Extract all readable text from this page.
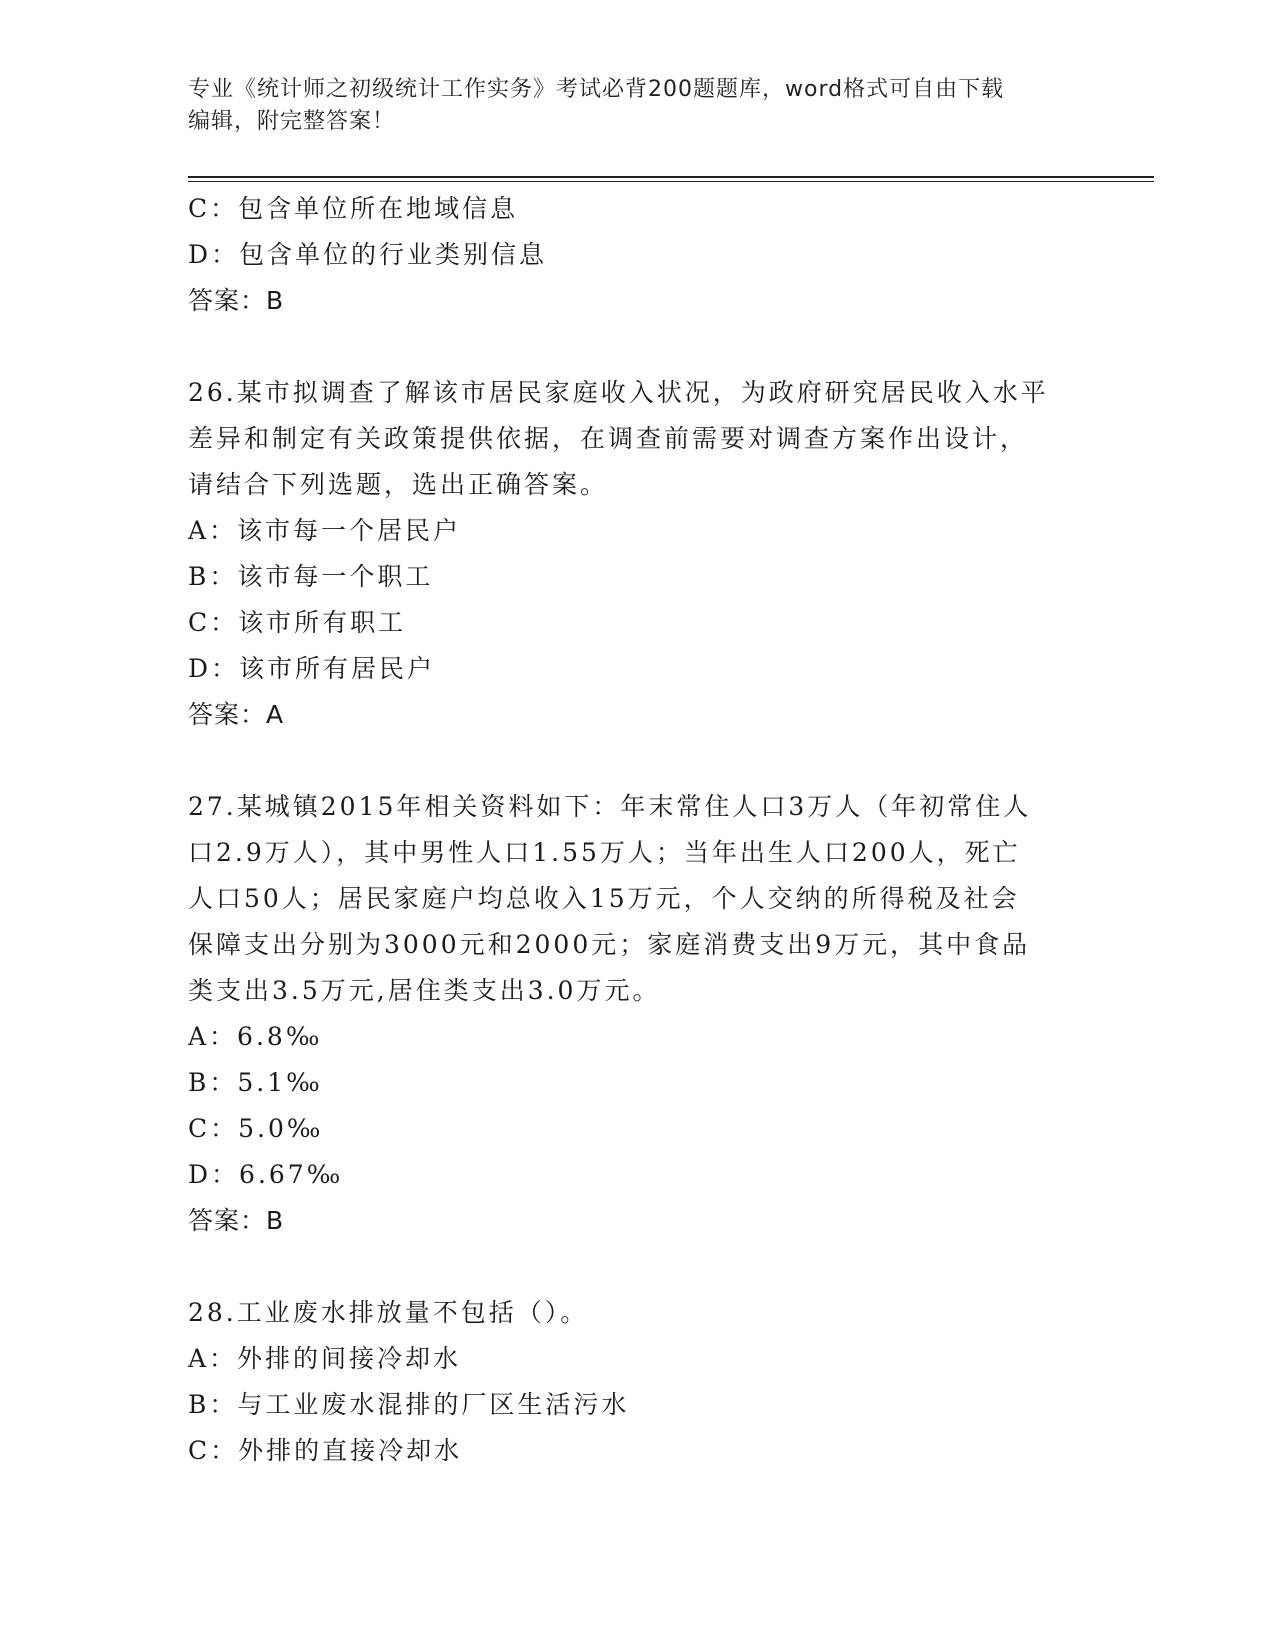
专业《统计师之初级统计工作实务》考试必背200题题库，word格式可自由下载
编辑，附完整答案！
C：包含单位所在地域信息
D：包含单位的行业类别信息
答案：B
26.某市拟调查了解该市居民家庭收入状况，为政府研究居民收入水平
差异和制定有关政策提供依据，在调查前需要对调查方案作出设计，
请结合下列选题，选出正确答案。
A：该市每一个居民户
B：该市每一个职工
C：该市所有职工
D：该市所有居民户
答案：A
27.某城镇2015年相关资料如下：年末常住人口3万人（年初常住人
口2.9万人），其中男性人口1.55万人；当年出生人口200人，死亡
人口50人；居民家庭户均总收入15万元，个人交纳的所得税及社会
保障支出分别为3000元和2000元；家庭消费支出9万元，其中食品
类支出3.5万元,居住类支出3.0万元。
A：6.8‰
B：5.1‰
C：5.0‰
D：6.67‰
答案：B
28.工业废水排放量不包括（）。
A：外排的间接冷却水
B：与工业废水混排的厂区生活污水
C：外排的直接冷却水
